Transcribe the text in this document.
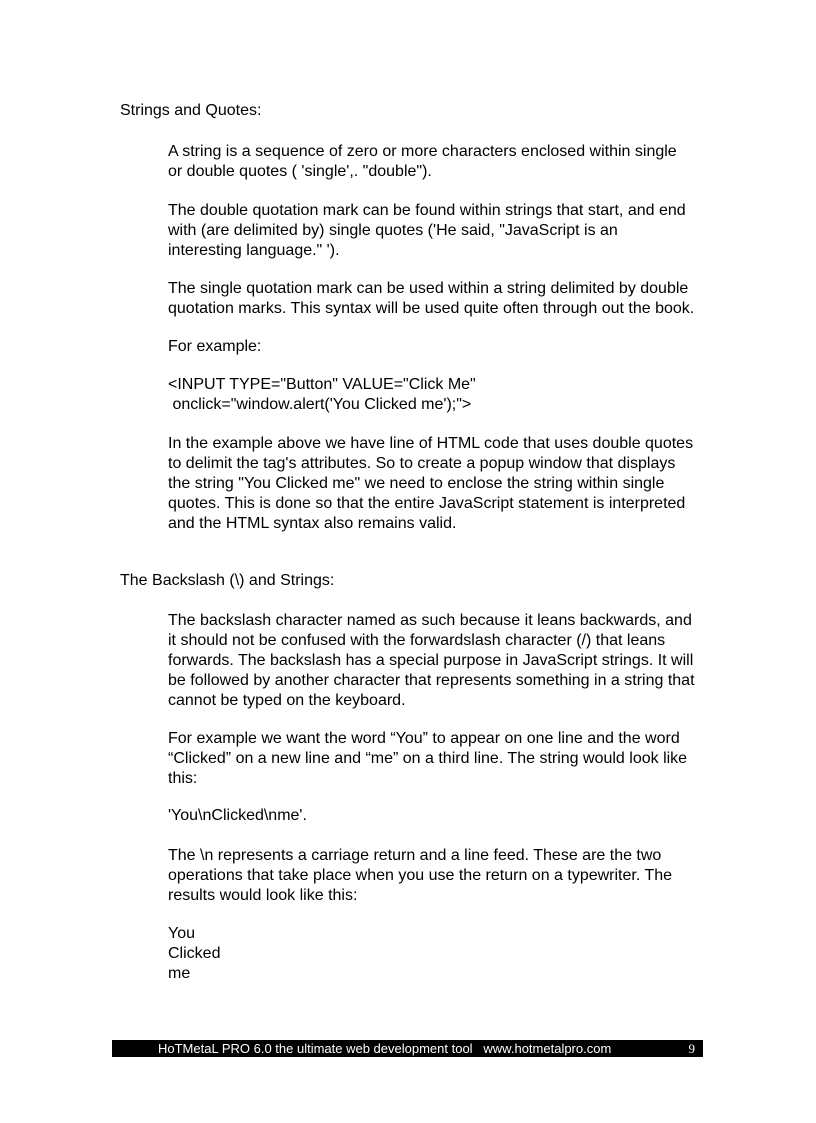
Strings and Quotes:
A string is a sequence of zero or more characters enclosed within single
or double quotes ( 'single',. "double").
The double quotation mark can be found within strings that start, and end
with (are delimited by) single quotes ('He said, "JavaScript is an
interesting language." ').
The single quotation mark can be used within a string delimited by double
quotation marks. This syntax will be used quite often through out the book.
For example:
<INPUT TYPE="Button" VALUE="Click Me"
onclick="window.alert('You Clicked me');">
In the example above we have line of HTML code that uses double quotes
to delimit the tag's attributes. So to create a popup window that displays
the string "You Clicked me" we need to enclose the string within single
quotes. This is done so that the entire JavaScript statement is interpreted
and the HTML syntax also remains valid.
The Backslash (\) and Strings:
The backslash character named as such because it leans backwards, and
it should not be confused with the forwardslash character (/) that leans
forwards. The backslash has a special purpose in JavaScript strings. It will
be followed by another character that represents something in a string that
cannot be typed on the keyboard.
For example we want the word “You” to appear on one line and the word
“Clicked” on a new line and “me” on a third line. The string would look like
this:
'You\nClicked\nme'.
The \n represents a carriage return and a line feed. These are the two
operations that take place when you use the return on a typewriter. The
results would look like this:
You
Clicked
me
HoTMetaL PRO 6.0 the ultimate web development tool   www.hotmetalpro.com	9
